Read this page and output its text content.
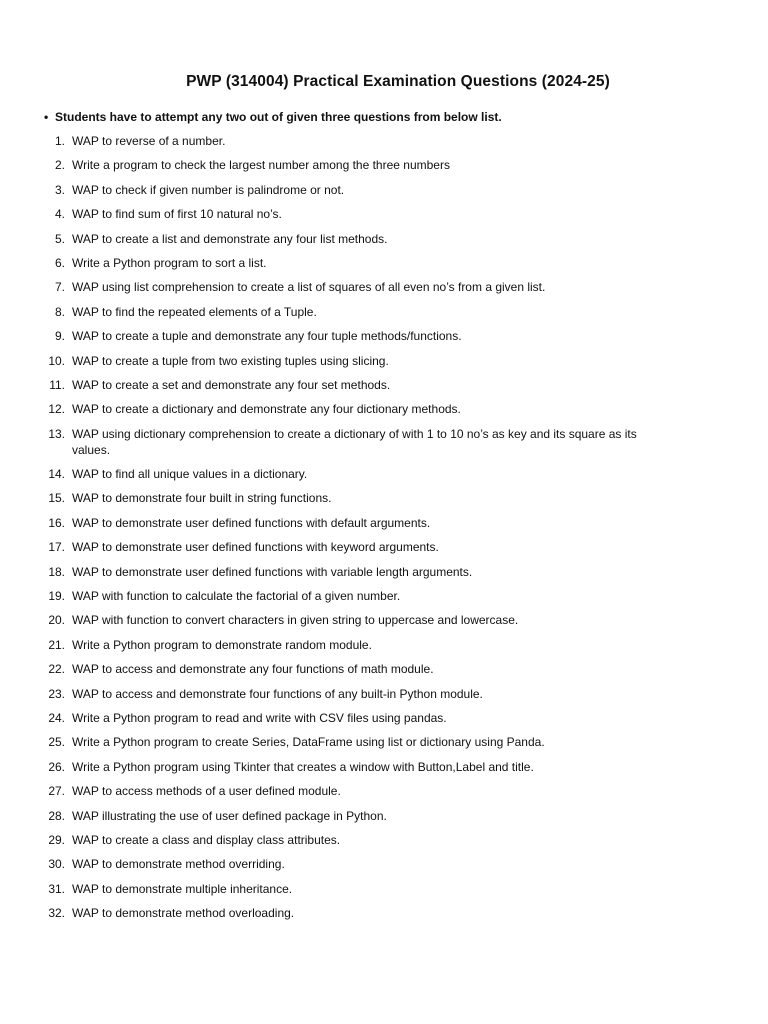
PWP (314004) Practical Examination Questions (2024-25)
• Students have to attempt any two out of given three questions from below list.
1. WAP to reverse of a number.
2. Write a program to check the largest number among the three numbers
3. WAP to check if given number is palindrome or not.
4. WAP to find sum of first 10 natural no’s.
5. WAP to create a list and demonstrate any four list methods.
6. Write a Python program to sort a list.
7. WAP using list comprehension to create a list of squares of all even no’s from a given list.
8. WAP to find the repeated elements of a Tuple.
9. WAP to create a tuple and demonstrate any four tuple methods/functions.
10. WAP to create a tuple from two existing tuples using slicing.
11. WAP to create a set and demonstrate any four set methods.
12. WAP to create a dictionary and demonstrate any four dictionary methods.
13. WAP using dictionary comprehension to create a dictionary of with 1 to 10 no’s as key and its square as its values.
14. WAP to find all unique values in a dictionary.
15. WAP to demonstrate four built in string functions.
16. WAP to demonstrate user defined functions with default arguments.
17. WAP to demonstrate user defined functions with keyword arguments.
18. WAP to demonstrate user defined functions with variable length arguments.
19. WAP with function to calculate the factorial of a given number.
20. WAP with function to convert characters in given string to uppercase and lowercase.
21. Write a Python program to demonstrate random module.
22. WAP to access and demonstrate any four functions of math module.
23. WAP to access and demonstrate four functions of any built-in Python module.
24. Write a Python program to read and write with CSV files using pandas.
25. Write a Python program to create Series, DataFrame using list or dictionary using Panda.
26. Write a Python program using Tkinter that creates a window with Button,Label and title.
27. WAP to access methods of a user defined module.
28. WAP illustrating the use of user defined package in Python.
29. WAP to create a class and display class attributes.
30. WAP to demonstrate method overriding.
31. WAP to demonstrate multiple inheritance.
32. WAP to demonstrate method overloading.
